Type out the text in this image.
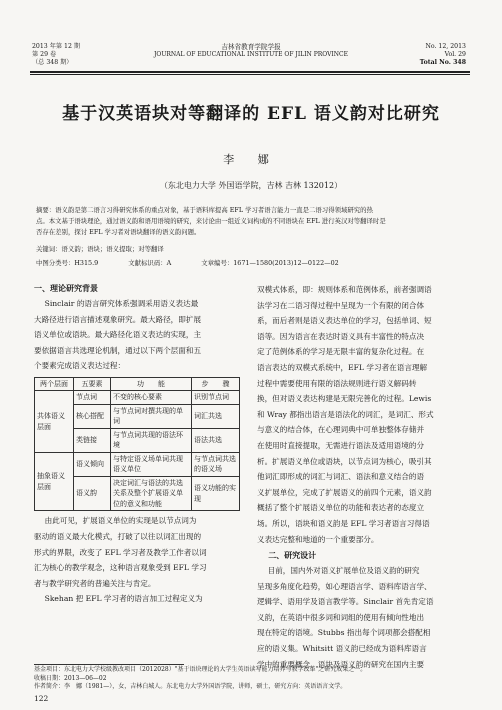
2013 年第 12 期
第 29 卷
（总 348 期）
吉林省教育学院学报
JOURNAL OF EDUCATIONAL INSTITUTE OF JILIN PROVINCE
No. 12, 2013
Vol. 29
Total No. 348
基于汉英语块对等翻译的 EFL 语义韵对比研究
李 娜
（东北电力大学 外国语学院，吉林 吉林 132012）
摘要：语义韵是第二语言习得研究体系的重点对象，基于语料库提高 EFL 学习者语言能力一直是二语习得领域研究的热
点。本文基于语块理论，通过语义韵和语用语境的研究，来讨论由一组近义词构成的不同语块在 EFL 进行英汉对等翻译时是
否存在差别，探讨 EFL 学习者对语块翻译的语义韵问题。
关键词：语义韵；语块；语义提取；对等翻译
中图分类号：H315.9	文献标识码：A	文章编号：1671—1580(2013)12—0122—02
一、理论研究背景
Sinclair 的语言研究体系强调采用语义表达最
大路径进行语言描述观象研究。最大路径，即扩展
语义单位或语块。最大路径化语义表达的实现，主
要依据语言共选理论机制，通过以下两个层面和五
个要素完成语义表达过程：
两个层面	五要素	功　　能	步　　骤
共体语义层面	节点词	不变的核心要素	识别节点词
	核心搭配	与节点词对撰共现的单词	词汇共选
	类链接	与节点词共现的语法环境	语法共选
抽象语义层面	语义倾向	与特定语义场单词共现语义单位	与节点词共选的语义场
	语义韵	决定词汇与语法的共选关系及整个扩展语义单位的意义和功能	语义功能的实现
由此可见，扩展语义单位的实现是以节点词为
驱动的语义最大化模式，打破了以往以词汇出现的
形式的界限，改变了 EFL 学习者及教学工作者以词
汇为核心的教学观念，这种语言观象受到 EFL 学习
者与教学研究者的普遍关注与肯定。
Skehan 把 EFL 学习者的语言加工过程定义为
双模式体系，即：规则体系和范例体系，前者强调语
法学习在二语习得过程中呈现为一个有限的闭合体
系，而后者则是语义表达单位的学习，包括单词、短
语等。因为语言在表达时语义具有丰富性的特点决
定了范例体系的学习是无限丰富的复杂化过程。在
语言表达的双模式系统中，EFL 学习者在语言理解
过程中需要使用有限的语法规则进行语义解码转
换，但对语义表达构建是无限完善化的过程。Lewis
和 Wray 都指出语言是语法化的词汇，是词汇、形式
与意义的结合体，在心理词典中可单独整体存储并
在使用时直接提取，无需进行语法及适用语境的分
析。扩展语义单位或语块，以节点词为核心，吸引其
他词汇即形成的词汇与词汇、语法和意义结合的语
义扩展单位，完成了扩展语义的前四个元素，语义韵
概括了整个扩展语义单位的功能和表达者的态度立
场。所以，语块和语义韵是 EFL 学习者语言习得语
义表达完整和地道的一个重要部分。
二、研究设计
目前，国内外对语义扩展单位及语义韵的研究
呈现多角度化趋势，如心理语言学、语料库语言学、
逻辑学、语用学及语言教学等。Sinclair 首先肯定语
义韵，在英语中很多词和词组的使用有倾向性地出
现在特定的语境。Stubbs 指出每个词项都会搭配相
应的语义集。Whitsitt 语义韵已经成为语料库语言
学中的重要概念。语块及语义韵的研究在国内主要
基金项目：东北电力大学校级教改项目（2012028）"基于语块理论的大学生英语读写能力培养与教学改革"之研究成果之一。
收稿日期：2013—06—02
作者简介：李　娜（1981—），女，吉林白城人。东北电力大学外国语学院，讲师，硕士，研究方向：英语语言文学。
122
